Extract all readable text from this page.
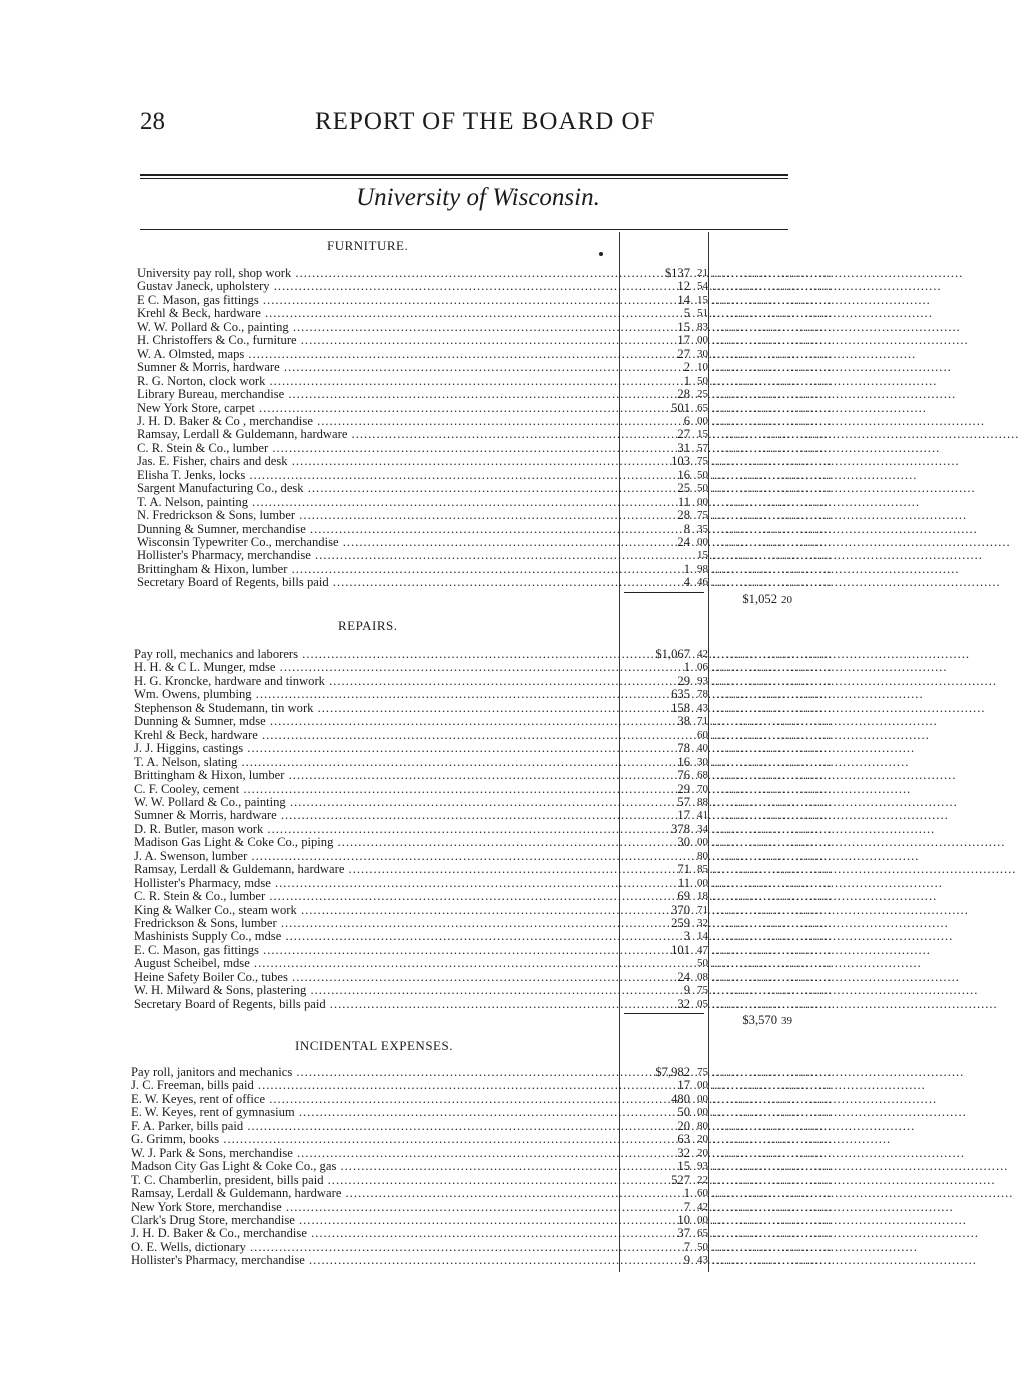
28	REPORT OF THE BOARD OF
University of Wisconsin.
FURNITURE.
University pay roll, shop work .....	$137 21 ..........................
Gustav Janeck, upholstery .....	12 54 ..........................
E C. Mason, gas fittings .....	14 15 ..........................
Krehl & Beck, hardware .....	5 51 ..........................
W. W. Pollard & Co., painting .....	15 83 ..........................
H. Christoffers & Co., furniture .....	17 00 ..........................
W. A. Olmsted, maps .....	27 30 ..........................
Sumner & Morris, hardware .....	2 10 ..........................
R. G. Norton, clock work .....	1 50 ..........................
Library Bureau, merchandise .....	28 25 ..........................
New York Store, carpet .....	501 65 ..........................
J. H. D. Baker & Co , merchandise .....	6 00 ..........................
Ramsay, Lerdall & Guldemann, hardware .....	27 15 ..........................
C. R. Stein & Co., lumber .....	31 57 ..........................
Jas. E. Fisher, chairs and desk .....	103 75 ..........................
Elisha T. Jenks, locks .....	16 50 ..........................
Sargent Manufacturing Co., desk .....	25 50 ..........................
T. A. Nelson, painting .....	11 00 ..........................
N. Fredrickson & Sons, lumber .....	28 75 ..........................
Dunning & Sumner, merchandise .....	8 35 ..........................
Wisconsin Typewriter Co., merchandise .....	24 00 ..........................
Hollister's Pharmacy, merchandise .....	15 ..........................
Brittingham & Hixon, lumber .....	1 98 ..........................
Secretary Board of Regents, bills paid .....	4 46 ..........................
$1,052 20
REPAIRS.
Pay roll, mechanics and laborers .....	$1,067 42 ..........................
H. H. & C L. Munger, mdse .....	1 06 ..........................
H. G. Kroncke, hardware and tinwork .....	29 93 ..........................
Wm. Owens, plumbing .....	635 78 ..........................
Stephenson & Studemann, tin work .....	158 43 ..........................
Dunning & Sumner, mdse .....	38 71 ..........................
Krehl & Beck, hardware .....	60 ..........................
J. J. Higgins, castings .....	78 40 ..........................
T. A. Nelson, slating .....	16 30 ..........................
Brittingham & Hixon, lumber .....	76 68 ..........................
C. F. Cooley, cement .....	29 70 ..........................
W. W. Pollard & Co., painting .....	57 88 ..........................
Sumner & Morris, hardware .....	17 41 ..........................
D. R. Butler, mason work .....	378 34 ..........................
Madison Gas Light & Coke Co., piping .....	30 00 ..........................
J. A. Swenson, lumber .....	80 ..........................
Ramsay, Lerdall & Guldemann, hardware .....	71 85 ..........................
Hollister's Pharmacy, mdse .....	11 00 ..........................
C. R. Stein & Co., lumber .....	69 18 ..........................
King & Walker Co., steam work .....	370 71 ..........................
Fredrickson & Sons, lumber .....	259 32 ..........................
Mashinists Supply Co., mdse .....	3 14 ..........................
E. C. Mason, gas fittings .....	101 47 ..........................
August Scheibel, mdse .....	50 ..........................
Heine Safety Boiler Co., tubes .....	24 08 ..........................
W. H. Milward & Sons, plastering .....	9 75 ..........................
Secretary Board of Regents, bills paid .....	32 05 ..........................
$3,570 39
INCIDENTAL EXPENSES.
Pay roll, janitors and mechanics .....	$7,982 75 ..........................
J. C. Freeman, bills paid .....	17 00 ..........................
E. W. Keyes, rent of office .....	480 00 ..........................
E. W. Keyes, rent of gymnasium .....	50 00 ..........................
F. A. Parker, bills paid .....	20 80 ..........................
G. Grimm, books .....	63 20 ..........................
W. J. Park & Sons, merchandise .....	32 20 ..........................
Madson City Gas Light & Coke Co., gas .....	15 93 ..........................
T. C. Chamberlin, president, bills paid .....	527 22 ..........................
Ramsay, Lerdall & Guldemann, hardware .....	1 60 ..........................
New York Store, merchandise .....	7 42 ..........................
Clark's Drug Store, merchandise .....	10 00 ..........................
J. H. D. Baker & Co., merchandise .....	37 65 ..........................
O. E. Wells, dictionary .....	7 50 ..........................
Hollister's Pharmacy, merchandise .....	9 43 ..........................
